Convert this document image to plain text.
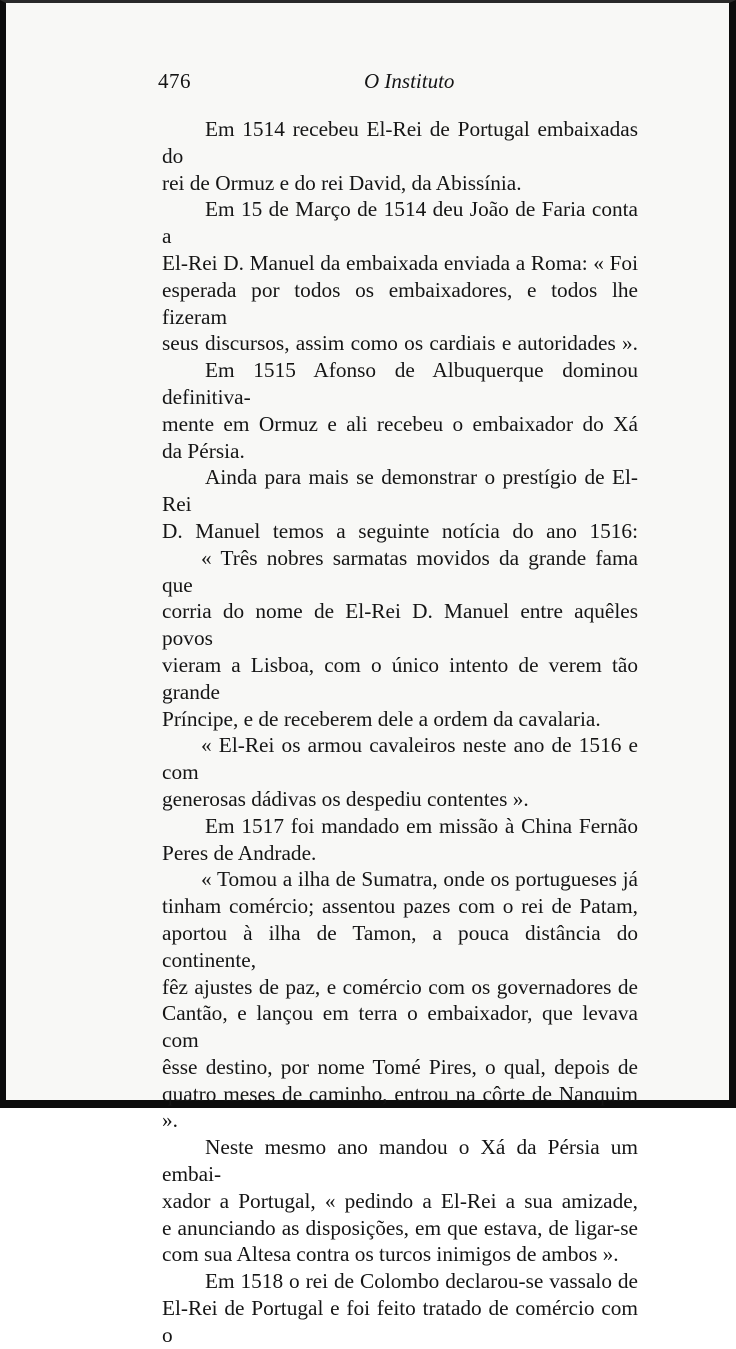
476	O Instituto

Em 1514 recebeu El-Rei de Portugal embaixadas do

rei de Ormuz e do rei David, da Abissínia.

Em 15 de Março de 1514 deu João de Faria conta a

El-Rei D. Manuel da embaixada enviada a Roma: « Foi

esperada por todos os embaixadores, e todos lhe fizeram

seus discursos, assim como os cardiais e autoridades ».

Em 1515 Afonso de Albuquerque dominou definitiva-

mente em Ormuz e ali recebeu o embaixador do Xá

da Pérsia.

Ainda para mais se demonstrar o prestígio de El-Rei

D. Manuel temos a seguinte notícia do ano 1516:

« Três nobres sarmatas movidos da grande fama que

corria do nome de El-Rei D. Manuel entre aquêles povos

vieram a Lisboa, com o único intento de verem tão grande

Príncipe, e de receberem dele a ordem da cavalaria.

« El-Rei os armou cavaleiros neste ano de 1516 e com

generosas dádivas os despediu contentes ».

Em 1517 foi mandado em missão à China Fernão

Peres de Andrade.

« Tomou a ilha de Sumatra, onde os portugueses já

tinham comércio; assentou pazes com o rei de Patam,

aportou à ilha de Tamon, a pouca distância do continente,

fêz ajustes de paz, e comércio com os governadores de

Cantão, e lançou em terra o embaixador, que levava com

êsse destino, por nome Tomé Pires, o qual, depois de

quatro meses de caminho, entrou na côrte de Nanquim ».

Neste mesmo ano mandou o Xá da Pérsia um embai-

xador a Portugal, « pedindo a El-Rei a sua amizade,

e anunciando as disposições, em que estava, de ligar-se

com sua Altesa contra os turcos inimigos de ambos ».

Em 1518 o rei de Colombo declarou-se vassalo de

El-Rei de Portugal e foi feito tratado de comércio com o
